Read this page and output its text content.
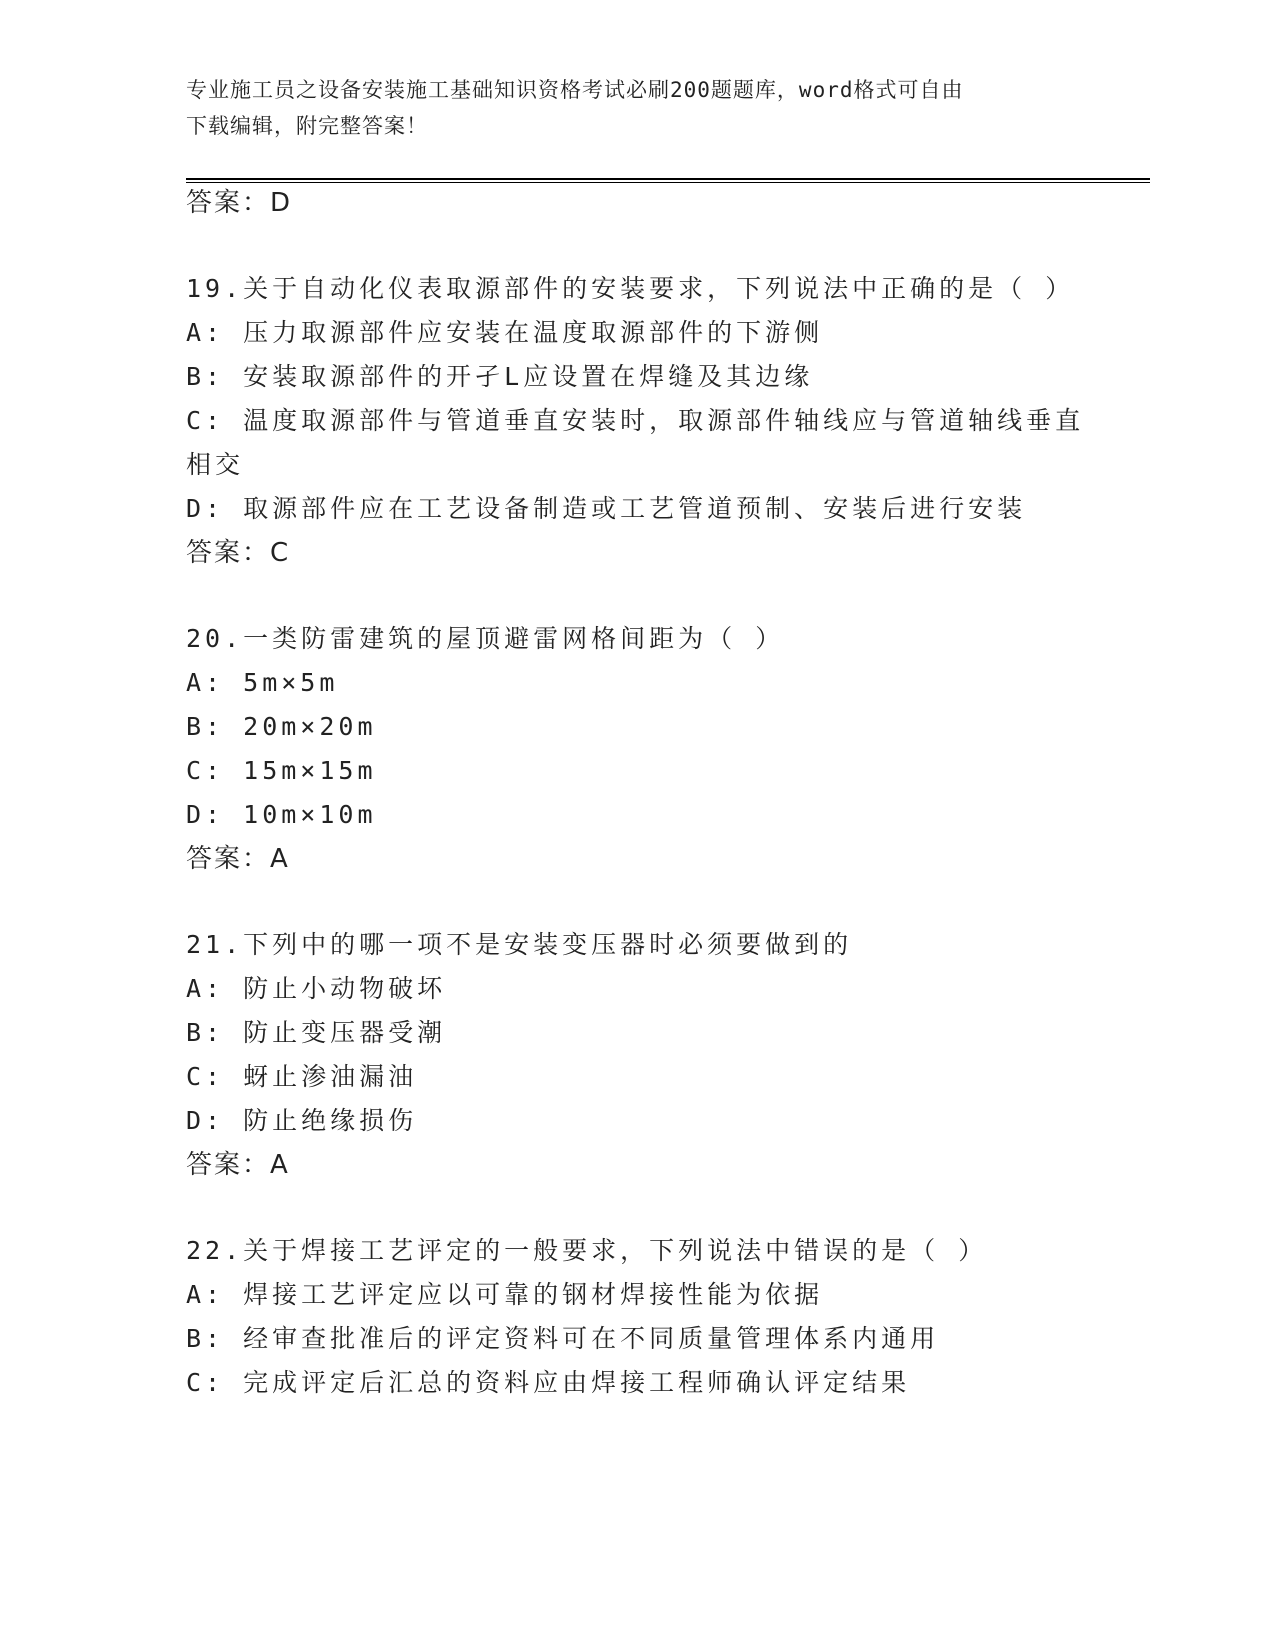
专业施工员之设备安装施工基础知识资格考试必刷200题题库，word格式可自由
下载编辑，附完整答案！
答案：D
19.关于自动化仪表取源部件的安装要求，下列说法中正确的是（ ）
A: 压力取源部件应安装在温度取源部件的下游侧
B: 安装取源部件的开孑L应设置在焊缝及其边缘
C: 温度取源部件与管道垂直安装时，取源部件轴线应与管道轴线垂直
相交
D: 取源部件应在工艺设备制造或工艺管道预制、安装后进行安装
答案：C
20.一类防雷建筑的屋顶避雷网格间距为（ ）
A: 5m×5m
B: 20m×20m
C: 15m×15m
D: 10m×10m
答案：A
21.下列中的哪一项不是安装变压器时必须要做到的
A: 防止小动物破坏
B: 防止变压器受潮
C: 蚜止渗油漏油
D: 防止绝缘损伤
答案：A
22.关于焊接工艺评定的一般要求，下列说法中错误的是（ ）
A: 焊接工艺评定应以可靠的钢材焊接性能为依据
B: 经审查批准后的评定资料可在不同质量管理体系内通用
C: 完成评定后汇总的资料应由焊接工程师确认评定结果
